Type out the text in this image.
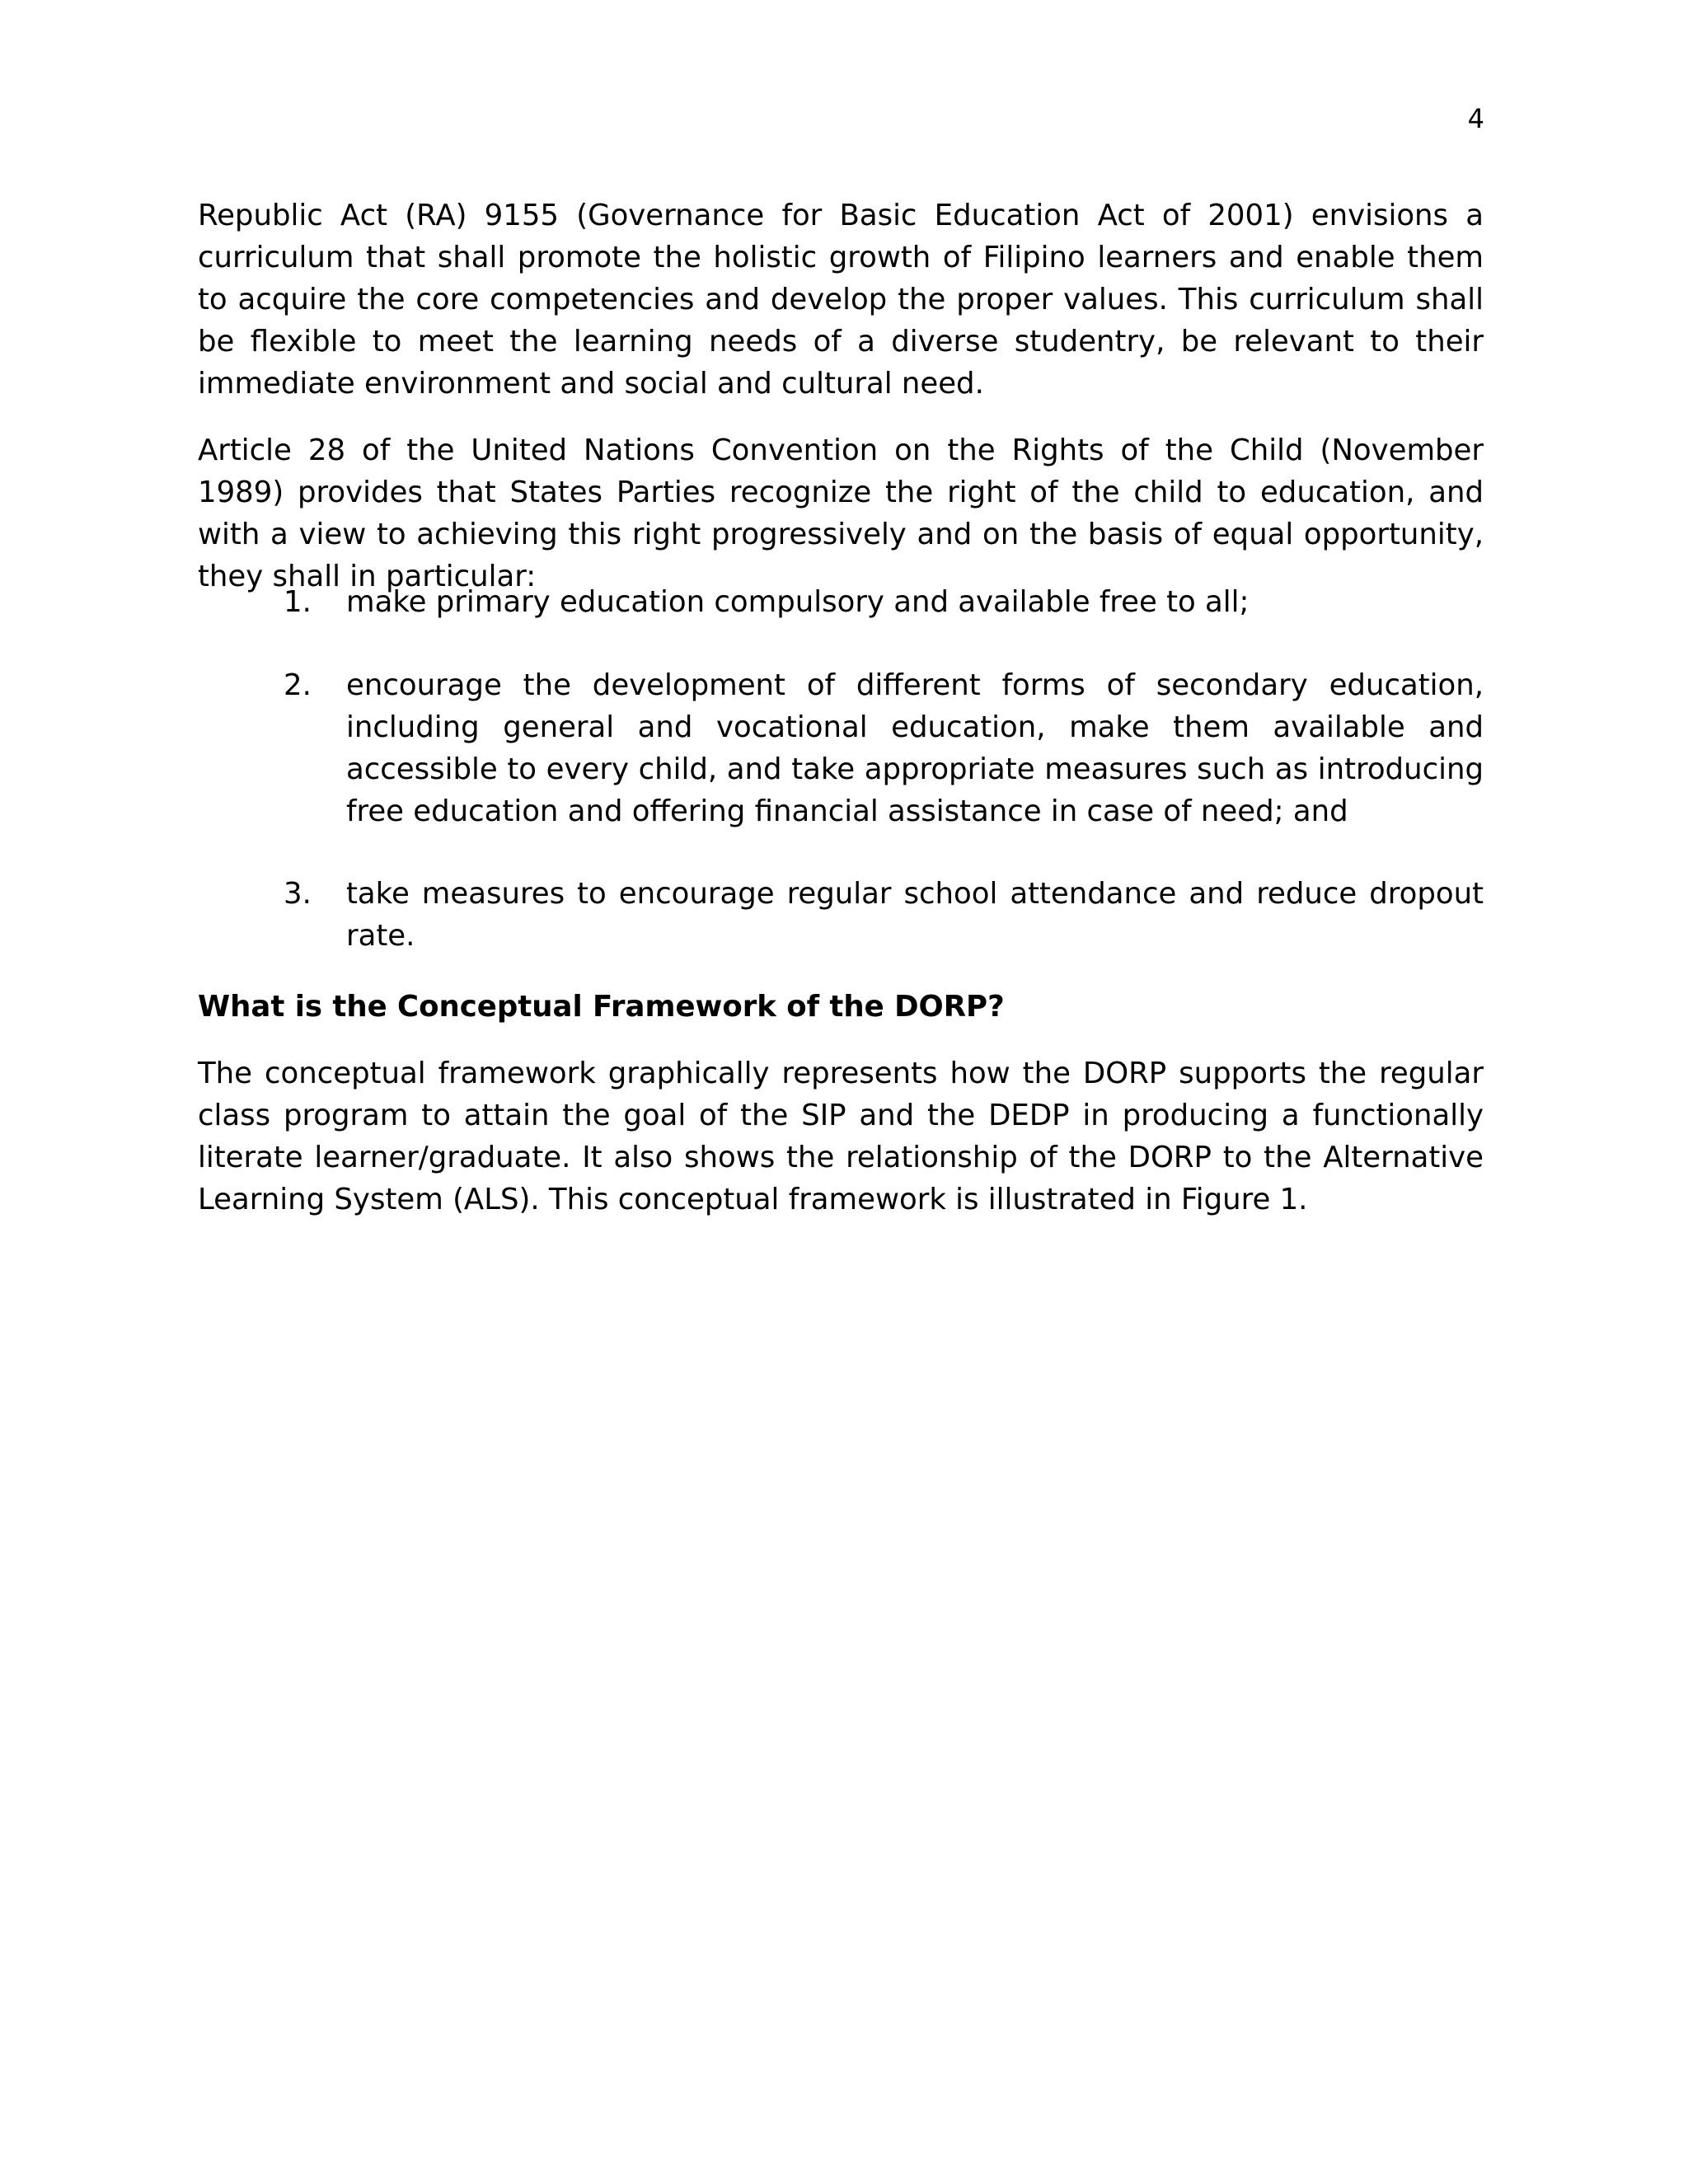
4

Republic Act (RA) 9155 (Governance for Basic Education Act of 2001) envisions a curriculum that shall promote the holistic growth of Filipino learners and enable them to acquire the core competencies and develop the proper values. This curriculum shall be flexible to meet the learning needs of a diverse studentry, be relevant to their immediate environment and social and cultural need.

Article 28 of the United Nations Convention on the Rights of the Child (November 1989) provides that States Parties recognize the right of the child to education, and with a view to achieving this right progressively and on the basis of equal opportunity, they shall in particular:

1.	make primary education compulsory and available free to all;
2.	encourage the development of different forms of secondary education, including general and vocational education, make them available and accessible to every child, and take appropriate measures such as introducing free education and offering financial assistance in case of need; and
3.	take measures to encourage regular school attendance and reduce dropout rate.
What is the Conceptual Framework of the DORP?

The conceptual framework graphically represents how the DORP supports the regular class program to attain the goal of the SIP and the DEDP in producing a functionally literate learner/graduate. It also shows the relationship of the DORP to the Alternative Learning System (ALS). This conceptual framework is illustrated in Figure 1.
